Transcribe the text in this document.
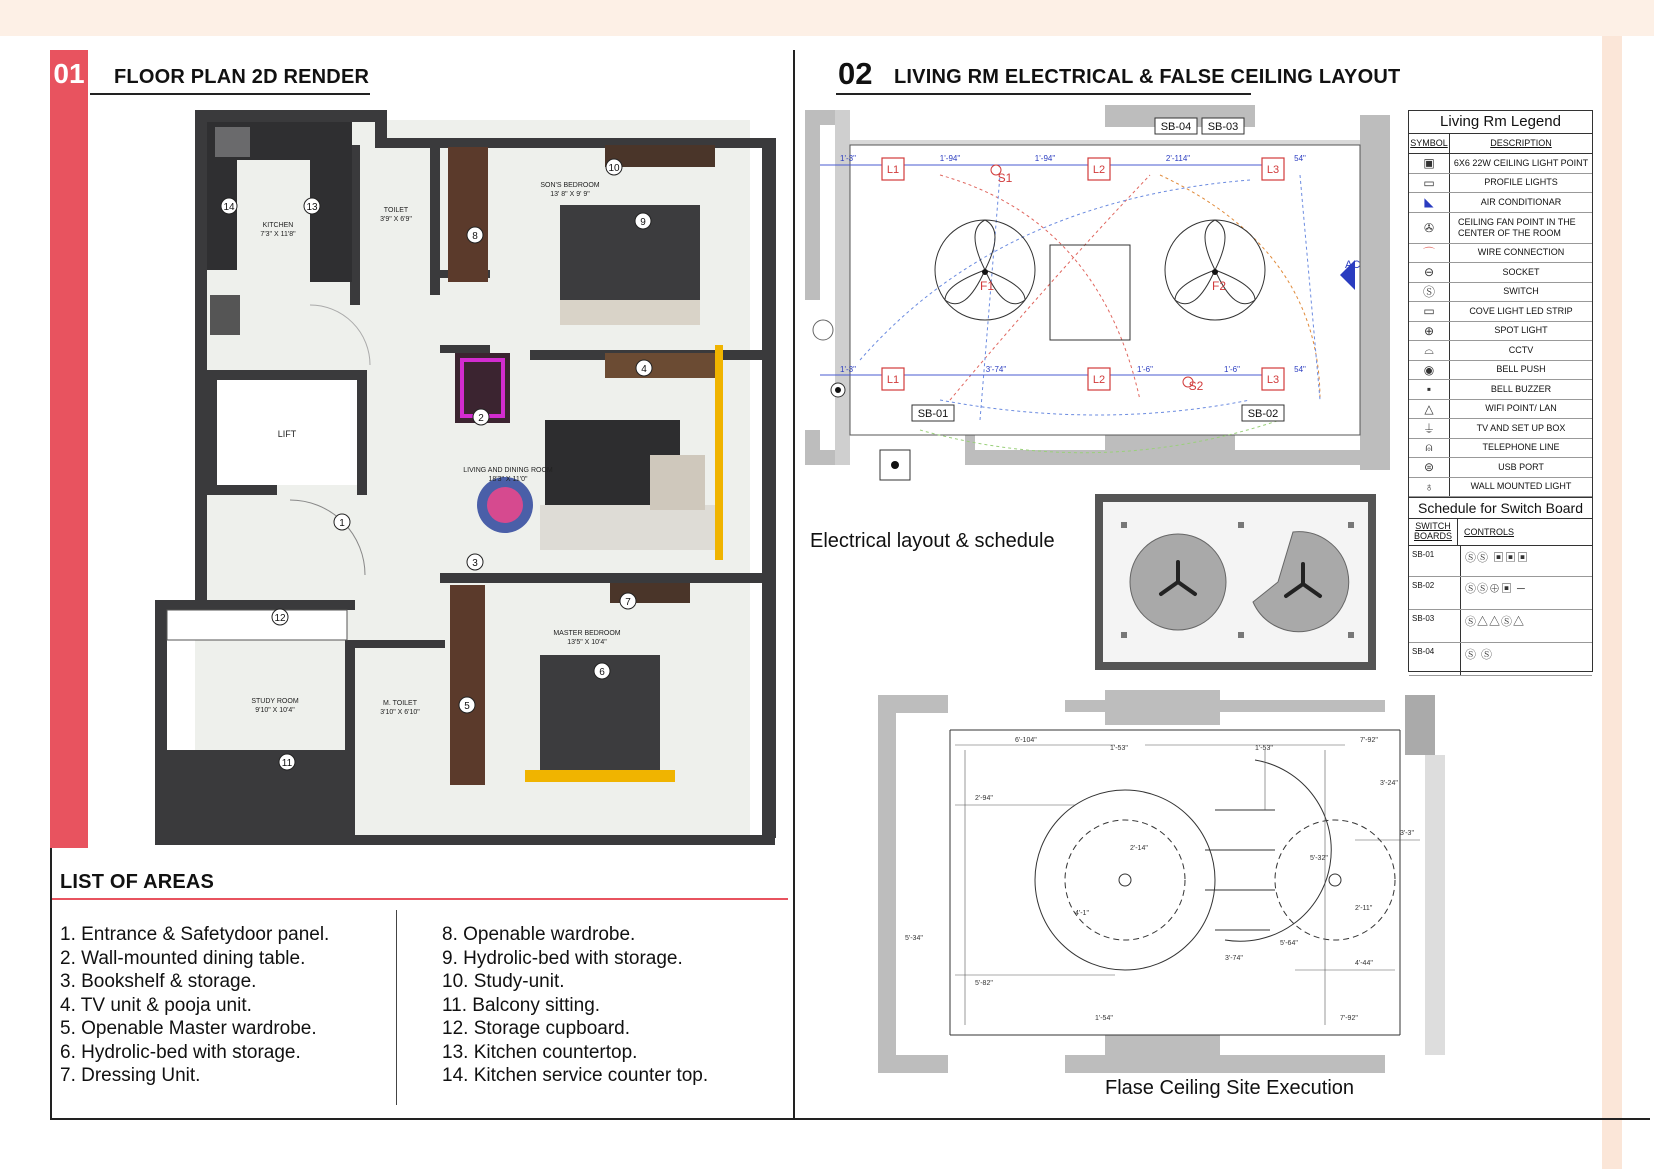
01 FLOOR PLAN 2D RENDER
1
2
3
4
5
6
7
8
9
10
11
12
13
14
KITCHEN
7'3" X 11'8"
TOILET
3'9" X 6'9"
SON'S BEDROOM
13' 8" X 9' 9"
LIFT
LIVING AND DINING ROOM
18'3" X 11'0"
MASTER BEDROOM
13'5" X 10'4"
STUDY ROOM
9'10" X 10'4"
M. TOILET
3'10" X 6'10"
LIST OF AREAS
1. Entrance & Safetydoor panel.
2. Wall-mounted dining table.
3. Bookshelf & storage.
4. TV unit & pooja unit.
5. Openable Master wardrobe.
6. Hydrolic-bed with storage.
7. Dressing Unit.
8. Openable wardrobe.
9. Hydrolic-bed with storage.
10. Study-unit.
11. Balcony sitting.
12. Storage cupboard.
13. Kitchen countertop.
14. Kitchen service counter top.
02 LIVING RM ELECTRICAL & FALSE CEILING LAYOUT
L1	L2	L3
L1	L2	L3
F1	F2
S1
S2
1'-3"	1'-94"	1'-94"	2'-114"	54"
1'-3"	3'-74"	1'-6"	1'-6"	54"
SB-04 SB-03
SB-01	SB-02
AC
Electrical layout & schedule
Living Rm Legend
SYMBOL	DESCRIPTION
▣	6X6 22W CEILING LIGHT POINT
▭	PROFILE LIGHTS
◣	AIR CONDITIONAR
✇	CEILING FAN POINT IN THE CENTER OF THE ROOM
⌒	WIRE CONNECTION
⊖	SOCKET
Ⓢ	SWITCH
▭	COVE LIGHT LED STRIP
⊕	SPOT LIGHT
⌓	CCTV
◉	BELL PUSH
▪	BELL BUZZER
△	WIFI POINT/ LAN
⏚	TV AND SET UP BOX
⍝	TELEPHONE LINE
⊜	USB PORT
♁	WALL MOUNTED LIGHT
Schedule for Switch Board
SWITCH BOARDS	CONTROLS
SB-01	ⓈⓈ ▣▣▣
SB-02	ⓈⓈ⊕▣ ─
SB-03	Ⓢ△△Ⓢ△
SB-04	Ⓢ Ⓢ
6'-104"
1'-53"	1'-53"
7'-92"
2'-94"
5'-34"
3'-24"
3'-3"
2'-11"
4'-44"
5'-32"
5'-82"
1'-54"	7'-92"
3'-74"
5'-64"
4'-1"
2'-14"
Flase Ceiling Site Execution
